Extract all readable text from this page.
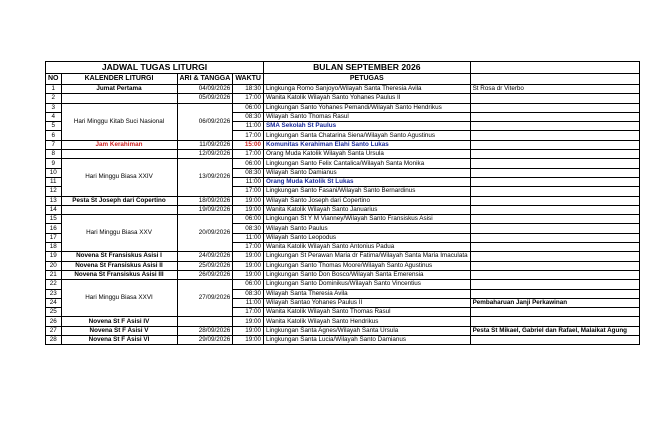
JADWAL TUGAS LITURGI				BULAN SEPTEMBER 2026	
NO	KALENDER LITURGI	ARI & TANGGA	WAKTU	PETUGAS	
1	Jumat Pertama	04/09/2026	18:30	Lingkunga Romo Sanjoyo/Wilayah Santa Theresia Avila	St Rosa dr Viterbo
2		05/09/2026	17:00	Wanita Katolik Wilayah Santo Yohanes Paulus II	
3	Hari Minggu Kitab Suci Nasional	06/09/2026	06:00	Lingkungan Santo Yohanes Pemandi/Wilayah Santo Hendrikus	
4			08:30	Wilayah Santo Thomas Rasul	
5			11:00	SMA Sekolah St Paulus	
6			17:00	Lingkungan Santa Chatarina Siena/Wilayah Santo Agustinus	
7	Jam Kerahiman	11/09/2026	15:00	Komunitas Kerahiman Elahi Santo Lukas	
8		12/09/2026	17:00	Orang Muda Katolik Wilayah Santa Ursula	
9	Hari Minggu Biasa XXIV	13/09/2026	06:00	Lingkungan Santo Felix Cantalica/Wilayah Santa Monika	
10			08:30	Wilayah Santo Damianus	
11			11:00	Orang Muda Katolik St Lukas	
12			17:00	Lingkungan Santo Fasani/Wilayah Santo Bernardinus	
13	Pesta St Joseph dari Copertino	18/09/2026	19:00	Wilayah Santo Joseph dari Copertino	
14		19/09/2026	19:00	Wanita Katolik Wilayah Santo Januarius	
15	Hari Minggu Biasa XXV	20/09/2026	06:00	Lingkungan St Y M Vianney/Wilayah Santo Fransiskus Asisi	
16			08:30	Wilayah Santo Paulus	
17			11:00	Wilayah Santo Leopodus	
18			17:00	Wanita Katolik Wilayah Santo Antonius Padua	
19	Novena St Fransiskus Asisi I	24/09/2026	19:00	Lingkungan St Perawan Maria dr Fatima/Wilayah Santa Maria Imaculata	
20	Novena St Fransiskus Asisi II	25/09/2026	19:00	Lingkungan Santo Thomas Moore/Wilayah Santo Agustinus	
21	Novena St Fransiskus Asisi III	26/09/2026	19:00	Lingkungan Santo Don Bosco/Wilayah Santa Emerensia	
22	Hari Minggu Biasa XXVI	27/09/2026	06:00	Lingkungan Santo Dominikus/Wilayah Santo Vincentius	
23			08:30	Wilayah Santa Theresia Avila	
24			11:00	Wilayah Santao Yohanes Paulus II	Pembaharuan Janji Perkawinan
25			17:00	Wanita Katolik Wilayah Santo Thomas Rasul	
26	Novena St F Asisi IV		19:00	Wanita Katolik Wilayah Santo Hendrikus	
27	Novena St F Asisi V	28/09/2026	19:00	Lingkungan Santa Agnes/Wilayah Santa Ursula	Pesta St Mikael, Gabriel dan Rafael, Malaikat Agung
28	Novena St F Asisi VI	29/09/2026	19:00	Lingkungan Santa Lucia/Wilayah Santo Damianus	
